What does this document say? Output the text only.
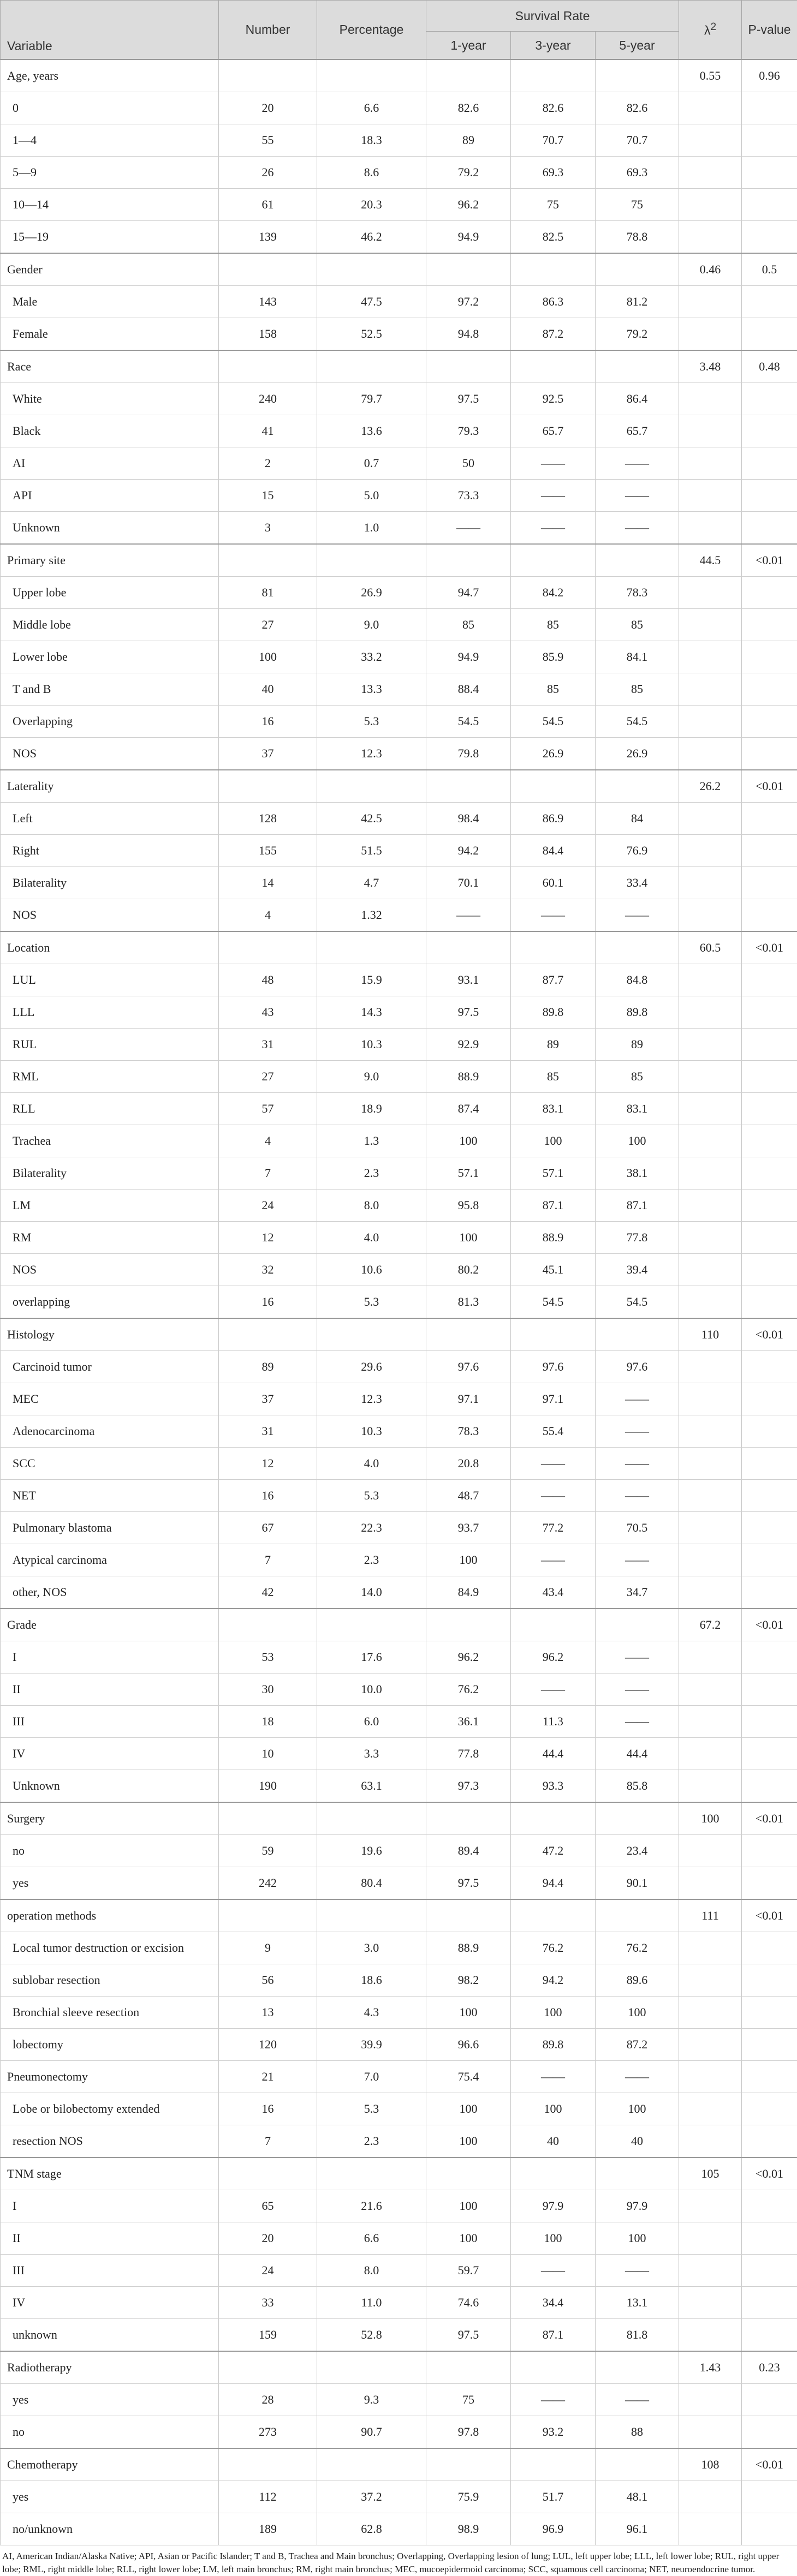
Variable	Number	Percentage	Survival Rate			$\lambda^2$	P-value
			1-year	3-year	5-year		
Age, years						0.55	0.96
0	20	6.6	82.6	82.6	82.6		
1—4	55	18.3	89	70.7	70.7		
5—9	26	8.6	79.2	69.3	69.3		
10—14	61	20.3	96.2	75	75		
15—19	139	46.2	94.9	82.5	78.8		
Gender						0.46	0.5
Male	143	47.5	97.2	86.3	81.2		
Female	158	52.5	94.8	87.2	79.2		
Race						3.48	0.48
White	240	79.7	97.5	92.5	86.4		
Black	41	13.6	79.3	65.7	65.7		
AI	2	0.7	50	——	——		
API	15	5.0	73.3	——	——		
Unknown	3	1.0	——	——	——		
Primary site						44.5	<0.01
Upper lobe	81	26.9	94.7	84.2	78.3		
Middle lobe	27	9.0	85	85	85		
Lower lobe	100	33.2	94.9	85.9	84.1		
T and B	40	13.3	88.4	85	85		
Overlapping	16	5.3	54.5	54.5	54.5		
NOS	37	12.3	79.8	26.9	26.9		
Laterality						26.2	<0.01
Left	128	42.5	98.4	86.9	84		
Right	155	51.5	94.2	84.4	76.9		
Bilaterality	14	4.7	70.1	60.1	33.4		
NOS	4	1.32	——	——	——		
Location						60.5	<0.01
LUL	48	15.9	93.1	87.7	84.8		
LLL	43	14.3	97.5	89.8	89.8		
RUL	31	10.3	92.9	89	89		
RML	27	9.0	88.9	85	85		
RLL	57	18.9	87.4	83.1	83.1		
Trachea	4	1.3	100	100	100		
Bilaterality	7	2.3	57.1	57.1	38.1		
LM	24	8.0	95.8	87.1	87.1		
RM	12	4.0	100	88.9	77.8		
NOS	32	10.6	80.2	45.1	39.4		
overlapping	16	5.3	81.3	54.5	54.5		
Histology						110	<0.01
Carcinoid tumor	89	29.6	97.6	97.6	97.6		
MEC	37	12.3	97.1	97.1	——		
Adenocarcinoma	31	10.3	78.3	55.4	——		
SCC	12	4.0	20.8	——	——		
NET	16	5.3	48.7	——	——		
Pulmonary blastoma	67	22.3	93.7	77.2	70.5		
Atypical carcinoma	7	2.3	100	——	——		
other, NOS	42	14.0	84.9	43.4	34.7		
Grade						67.2	<0.01
I	53	17.6	96.2	96.2	——		
II	30	10.0	76.2	——	——		
III	18	6.0	36.1	11.3	——		
IV	10	3.3	77.8	44.4	44.4		
Unknown	190	63.1	97.3	93.3	85.8		
Surgery						100	<0.01
no	59	19.6	89.4	47.2	23.4		
yes	242	80.4	97.5	94.4	90.1		
operation methods						111	<0.01
Local tumor destruction or excision	9	3.0	88.9	76.2	76.2		
sublobar resection	56	18.6	98.2	94.2	89.6		
Bronchial sleeve resection	13	4.3	100	100	100		
lobectomy	120	39.9	96.6	89.8	87.2		
Pneumonectomy	21	7.0	75.4	——	——		
Lobe or bilobectomy extended	16	5.3	100	100	100		
resection NOS	7	2.3	100	40	40		
TNM stage						105	<0.01
I	65	21.6	100	97.9	97.9		
II	20	6.6	100	100	100		
III	24	8.0	59.7	——	——		
IV	33	11.0	74.6	34.4	13.1		
unknown	159	52.8	97.5	87.1	81.8		
Radiotherapy						1.43	0.23
yes	28	9.3	75	——	——		
no	273	90.7	97.8	93.2	88		
Chemotherapy						108	<0.01
yes	112	37.2	75.9	51.7	48.1		
no/unknown	189	62.8	98.9	96.9	96.1		
AI, American Indian/Alaska Native; API, Asian or Pacific Islander; T and B, Trachea and Main bronchus; Overlapping, Overlapping lesion of lung; LUL, left upper lobe; LLL, left lower lobe; RUL, right upper lobe; RML, right middle lobe; RLL, right lower lobe; LM, left main bronchus; RM, right main bronchus; MEC, mucoepidermoid carcinoma; SCC, squamous cell carcinoma; NET, neuroendocrine tumor.
